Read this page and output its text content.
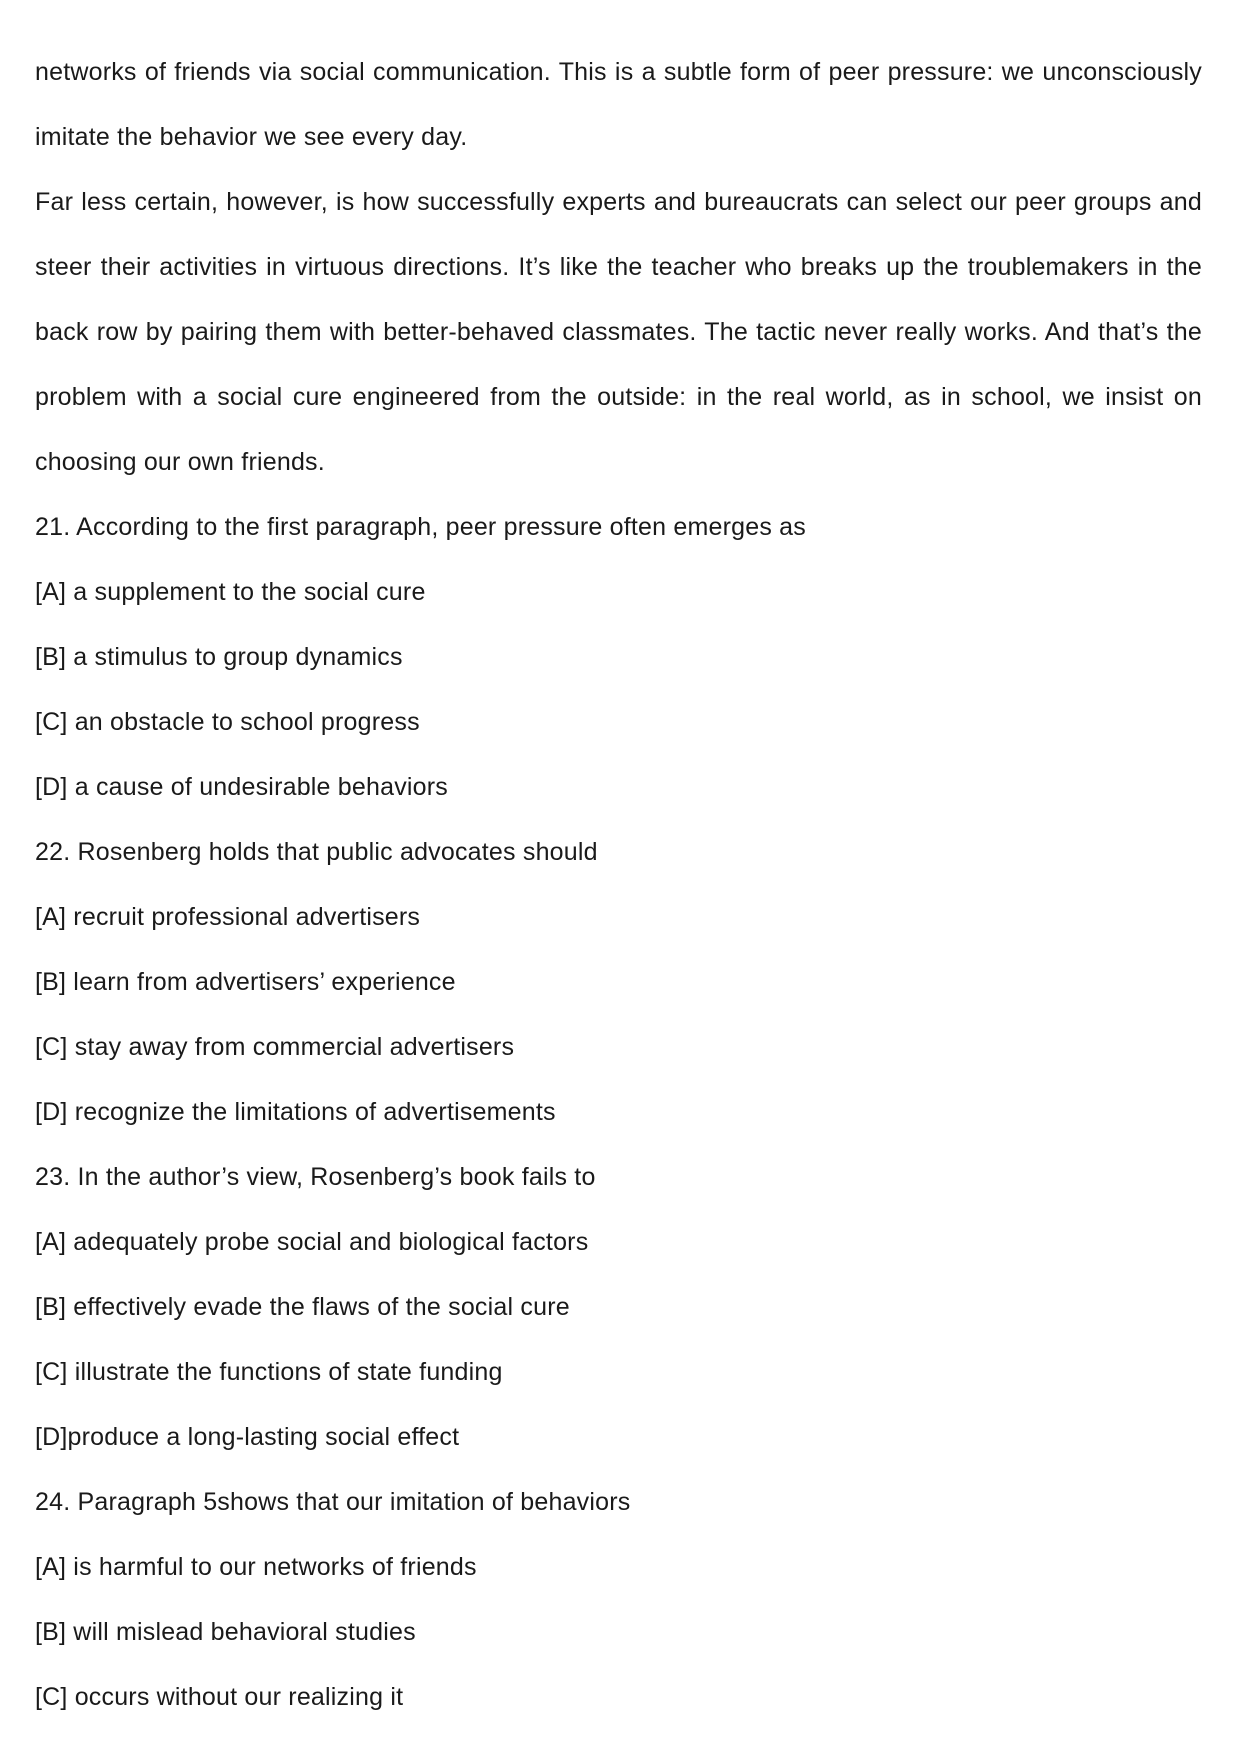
networks of friends via social communication. This is a subtle form of peer pressure: we unconsciously imitate the behavior we see every day.

Far less certain, however, is how successfully experts and bureaucrats can select our peer groups and steer their activities in virtuous directions. It’s like the teacher who breaks up the troublemakers in the back row by pairing them with better-behaved classmates. The tactic never really works. And that’s the problem with a social cure engineered from the outside: in the real world, as in school, we insist on choosing our own friends.

21. According to the first paragraph, peer pressure often emerges as

[A] a supplement to the social cure

[B] a stimulus to group dynamics

[C] an obstacle to school progress

[D] a cause of undesirable behaviors

22. Rosenberg holds that public advocates should

[A] recruit professional advertisers

[B] learn from advertisers’ experience

[C] stay away from commercial advertisers

[D] recognize the limitations of advertisements

23. In the author’s view, Rosenberg’s book fails to

[A] adequately probe social and biological factors

[B] effectively evade the flaws of the social cure

[C] illustrate the functions of state funding

[D]produce a long-lasting social effect

24. Paragraph 5shows that our imitation of behaviors

[A] is harmful to our networks of friends

[B] will mislead behavioral studies

[C] occurs without our realizing it
